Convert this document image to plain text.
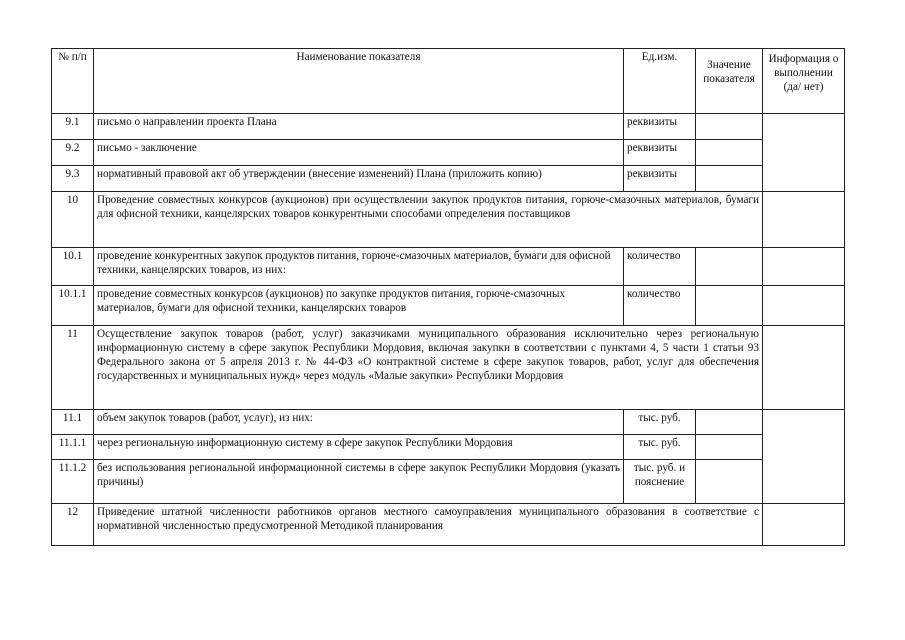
№ п/п	Наименование показателя	Ед.изм.	Значение показателя	Информация о выполнении (да/ нет)
9.1	письмо о направлении проекта Плана	реквизиты		
9.2	письмо - заключение	реквизиты		
9.3	нормативный правовой акт об утверждении (внесение изменений) Плана (приложить копию)	реквизиты		
10	Проведение совместных конкурсов (аукционов) при осуществлении закупок продуктов питания, горюче-смазочных материалов, бумаги для офисной техники, канцелярских товаров конкурентными способами определения поставщиков			
10.1	проведение конкурентных закупок продуктов питания, горюче-смазочных материалов, бумаги для офисной техники, канцелярских товаров, из них:	количество		
10.1.1	проведение совместных конкурсов (аукционов) по закупке продуктов питания, горюче-смазочных материалов, бумаги для офисной техники, канцелярских товаров	количество		
11	Осуществление закупок товаров (работ, услуг) заказчиками муниципального образования исключительно через региональную информационную систему в сфере закупок Республики Мордовия, включая закупки в соответствии с пунктами 4, 5 части 1 статьи 93 Федерального закона от 5 апреля 2013 г. № 44-ФЗ «О контрактной системе в сфере закупок товаров, работ, услуг для обеспечения государственных и муниципальных нужд» через модуль «Малые закупки» Республики Мордовия			
11.1	объем закупок товаров (работ, услуг), из них:	тыс. руб.		
11.1.1	через региональную информационную систему в сфере закупок Республики Мордовия	тыс. руб.		
11.1.2	без использования региональной информационной системы в сфере закупок Республики Мордовия (указать причины)	тыс. руб. и пояснение		
12	Приведение штатной численности работников органов местного самоуправления муниципального образования в соответствие с нормативной численностью предусмотренной Методикой планирования			
